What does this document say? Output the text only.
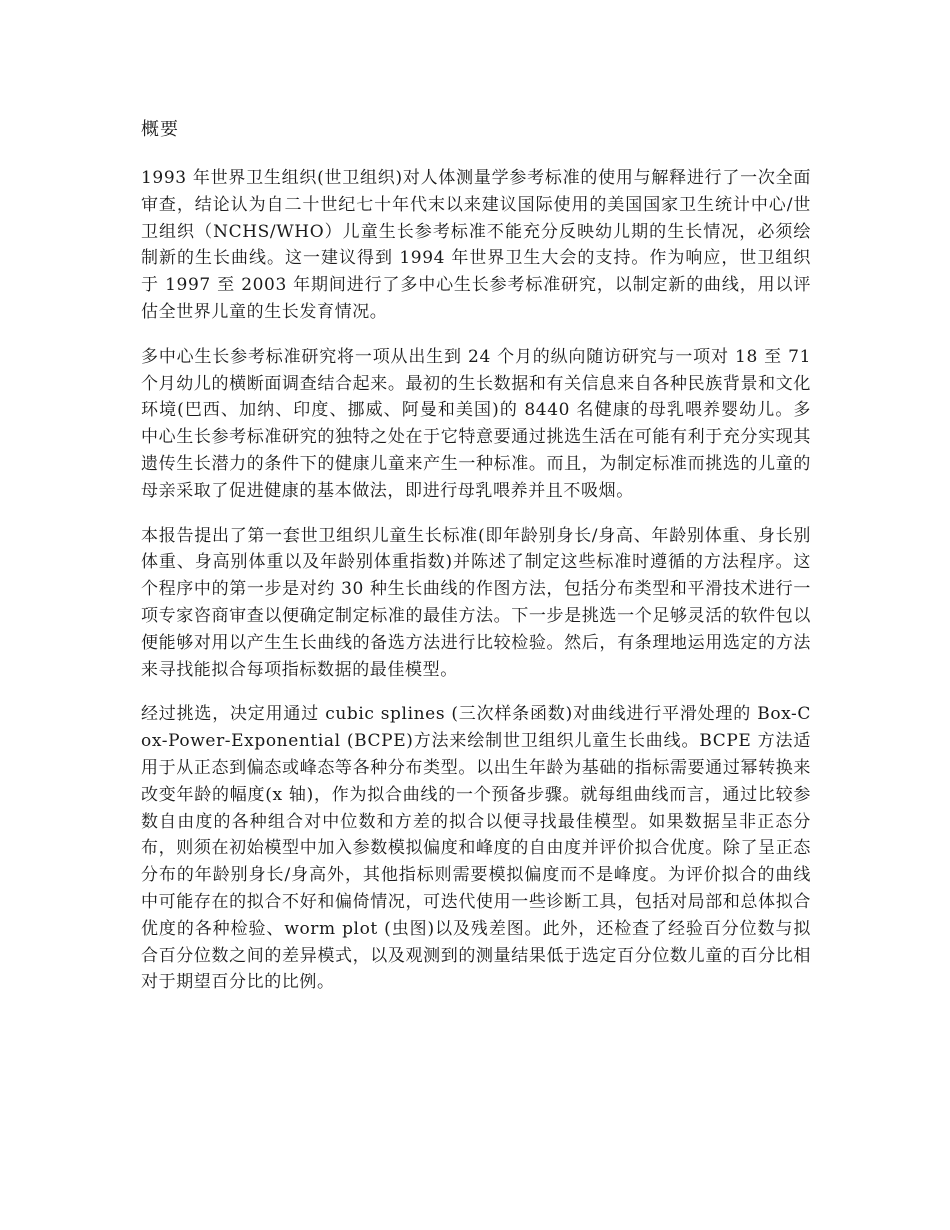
概要

1993 年世界卫生组织(世卫组织)对人体测量学参考标准的使用与解释进行了一次全面审查，结论认为自二十世纪七十年代末以来建议国际使用的美国国家卫生统计中心/世卫组织（NCHS/WHO）儿童生长参考标准不能充分反映幼儿期的生长情况，必须绘制新的生长曲线。这一建议得到 1994 年世界卫生大会的支持。作为响应，世卫组织于 1997 至 2003 年期间进行了多中心生长参考标准研究，以制定新的曲线，用以评估全世界儿童的生长发育情况。

多中心生长参考标准研究将一项从出生到 24 个月的纵向随访研究与一项对 18 至 71 个月幼儿的横断面调查结合起来。最初的生长数据和有关信息来自各种民族背景和文化环境(巴西、加纳、印度、挪威、阿曼和美国)的 8440 名健康的母乳喂养婴幼儿。多中心生长参考标准研究的独特之处在于它特意要通过挑选生活在可能有利于充分实现其遗传生长潜力的条件下的健康儿童来产生一种标准。而且，为制定标准而挑选的儿童的母亲采取了促进健康的基本做法，即进行母乳喂养并且不吸烟。

本报告提出了第一套世卫组织儿童生长标准(即年龄别身长/身高、年龄别体重、身长别体重、身高别体重以及年龄别体重指数)并陈述了制定这些标准时遵循的方法程序。这个程序中的第一步是对约 30 种生长曲线的作图方法，包括分布类型和平滑技术进行一项专家咨商审查以便确定制定标准的最佳方法。下一步是挑选一个足够灵活的软件包以便能够对用以产生生长曲线的备选方法进行比较检验。然后，有条理地运用选定的方法来寻找能拟合每项指标数据的最佳模型。

经过挑选，决定用通过 cubic splines (三次样条函数)对曲线进行平滑处理的 Box-Cox-Power-Exponential (BCPE)方法来绘制世卫组织儿童生长曲线。BCPE 方法适用于从正态到偏态或峰态等各种分布类型。以出生年龄为基础的指标需要通过幂转换来改变年龄的幅度(x 轴)，作为拟合曲线的一个预备步骤。就每组曲线而言，通过比较参数自由度的各种组合对中位数和方差的拟合以便寻找最佳模型。如果数据呈非正态分布，则须在初始模型中加入参数模拟偏度和峰度的自由度并评价拟合优度。除了呈正态分布的年龄别身长/身高外，其他指标则需要模拟偏度而不是峰度。为评价拟合的曲线中可能存在的拟合不好和偏倚情况，可迭代使用一些诊断工具，包括对局部和总体拟合优度的各种检验、worm plot (虫图)以及残差图。此外，还检查了经验百分位数与拟合百分位数之间的差异模式，以及观测到的测量结果低于选定百分位数儿童的百分比相对于期望百分比的比例。
